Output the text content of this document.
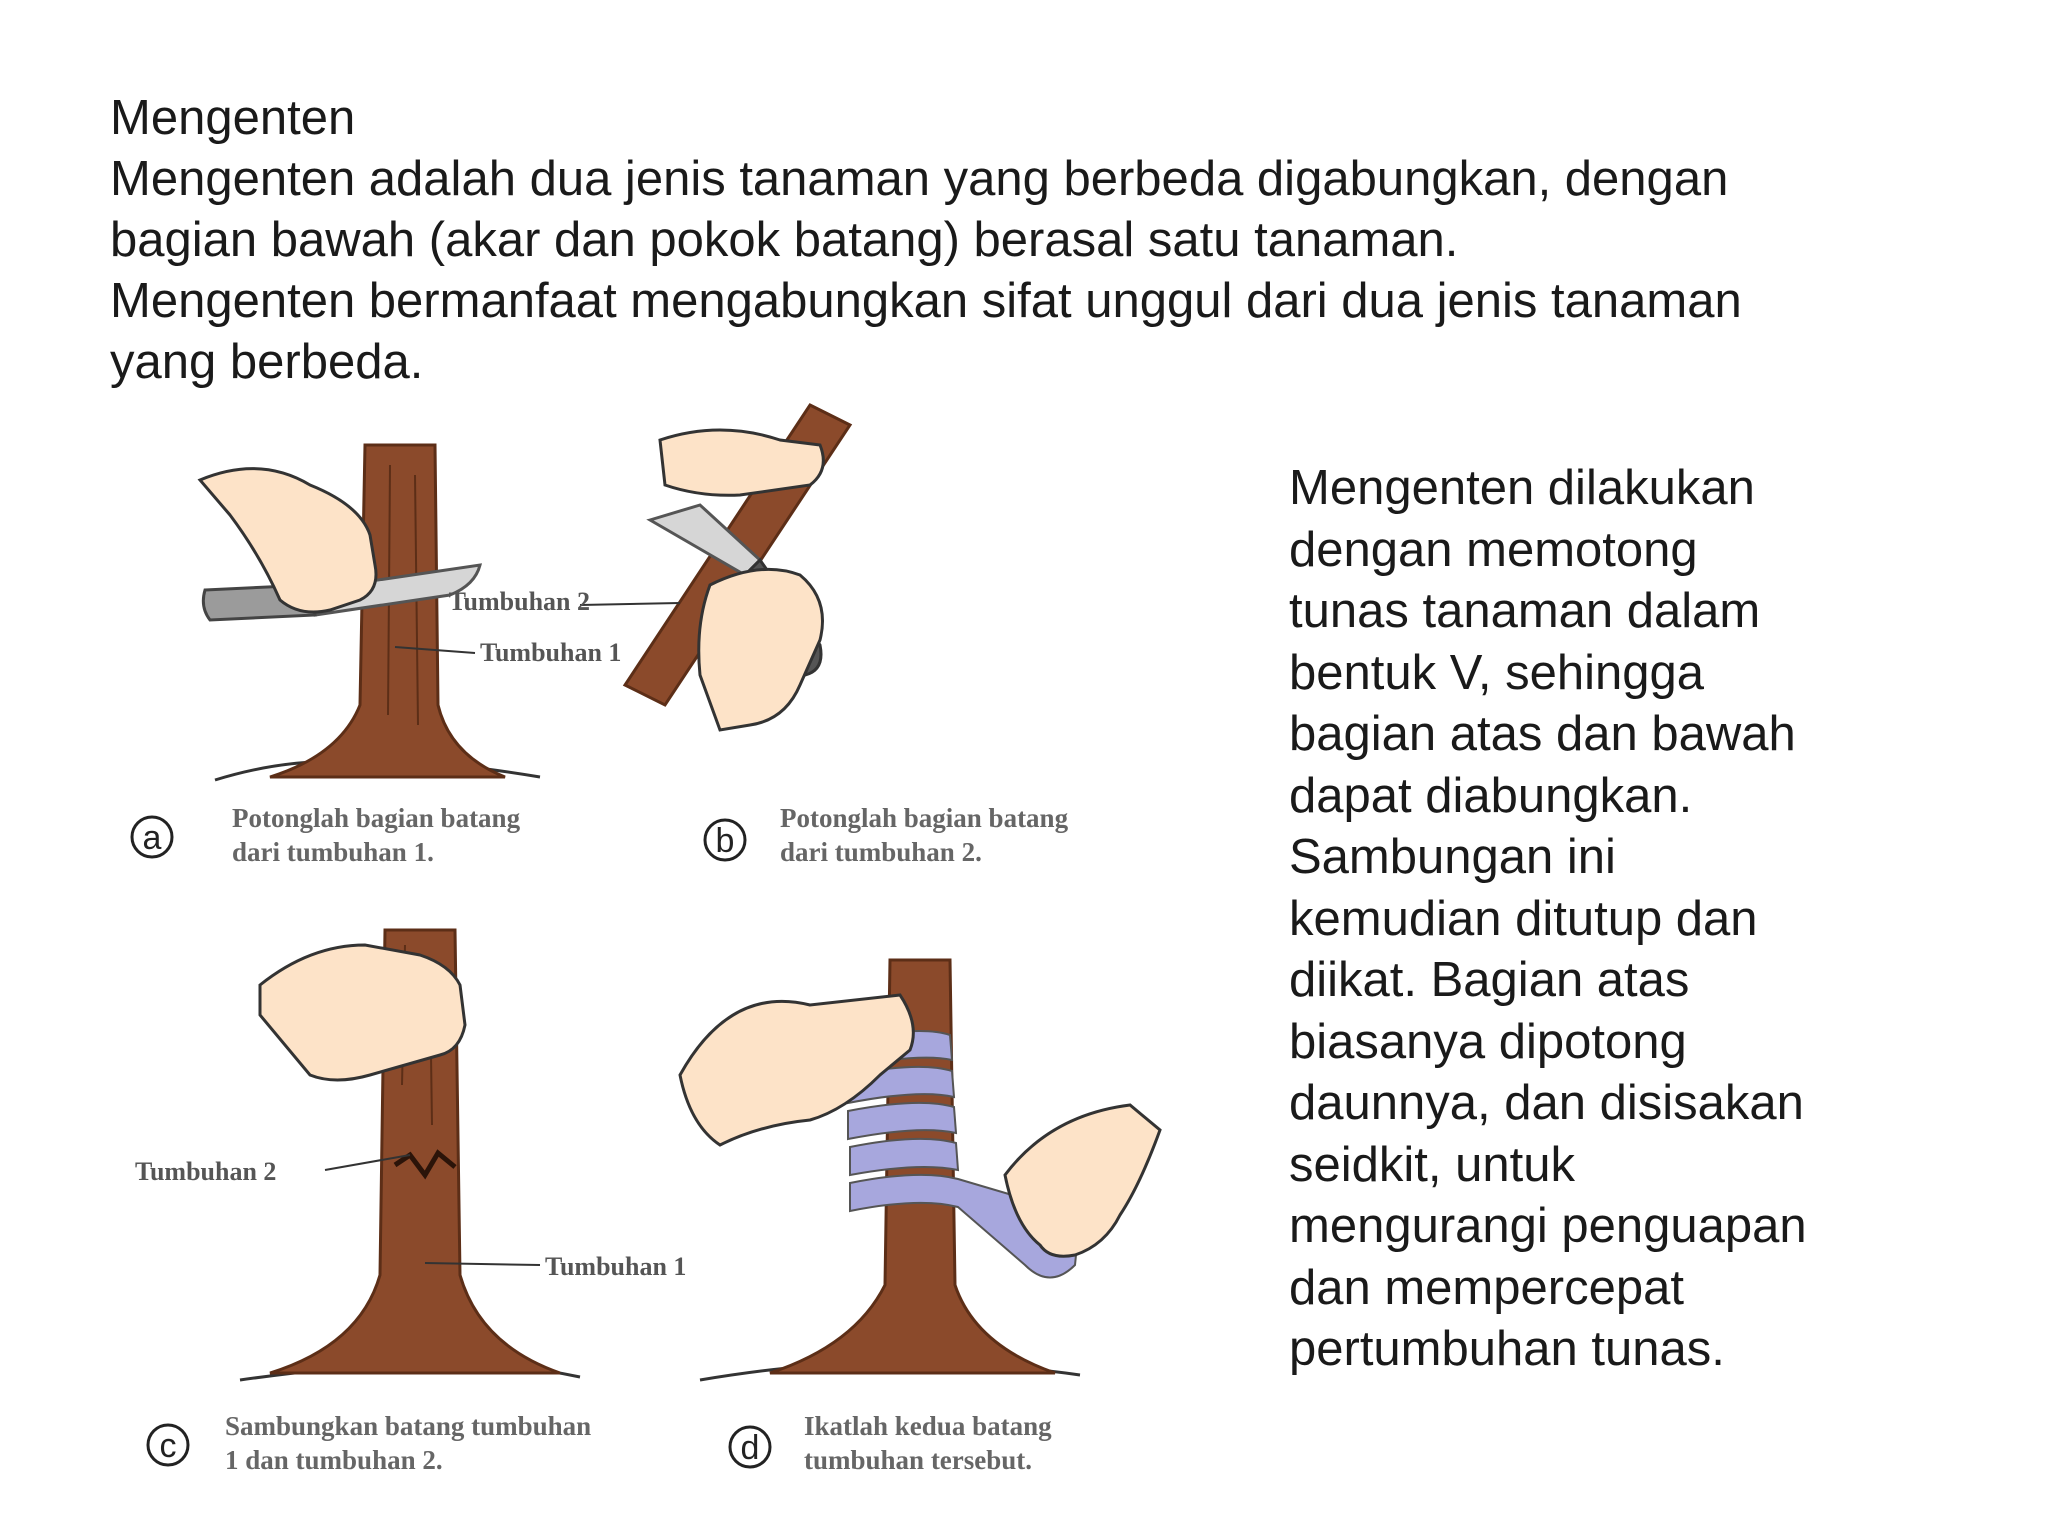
Mengenten
Mengenten adalah dua jenis tanaman yang berbeda digabungkan, dengan
bagian bawah (akar dan pokok batang) berasal satu tanaman.
Mengenten bermanfaat mengabungkan sifat unggul dari dua jenis tanaman
yang berbeda.
Tumbuhan 1
a
Potonglah bagian batang
dari tumbuhan 1.
Tumbuhan 2
b
Potonglah bagian batang
dari tumbuhan 2.
Tumbuhan 2
Tumbuhan 1
c
Sambungkan batang tumbuhan
1 dan tumbuhan 2.	d
Ikatlah kedua batang
tumbuhan tersebut.
Mengenten dilakukan
dengan memotong
tunas tanaman dalam
bentuk V, sehingga
bagian atas dan bawah
dapat diabungkan.
Sambungan ini
kemudian ditutup dan
diikat. Bagian atas
biasanya dipotong
daunnya, dan disisakan
seidkit, untuk
mengurangi penguapan
dan mempercepat
pertumbuhan tunas.
